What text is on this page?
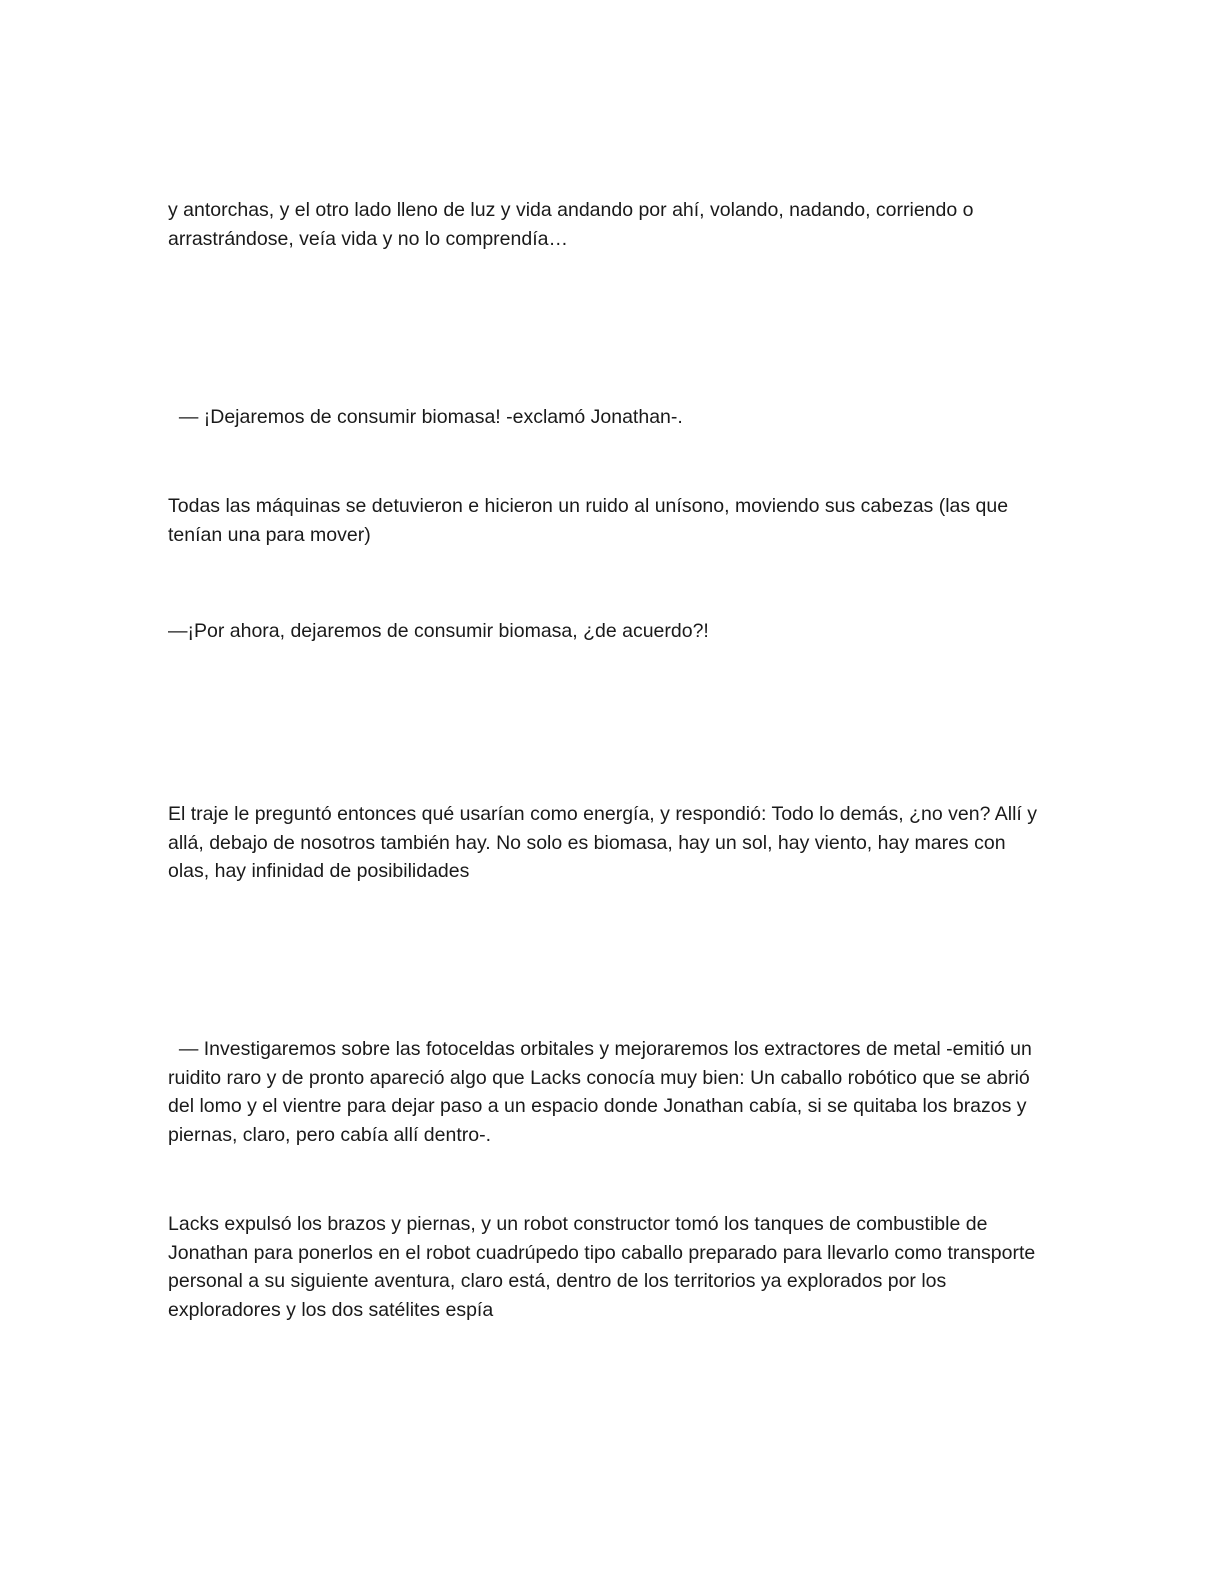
y antorchas, y el otro lado lleno de luz y vida andando por ahí, volando, nadando, corriendo o arrastrándose, veía vida y no lo comprendía…

— ¡Dejaremos de consumir biomasa! -exclamó Jonathan-.

Todas las máquinas se detuvieron e hicieron un ruido al unísono, moviendo sus cabezas (las que tenían una para mover)

—¡Por ahora, dejaremos de consumir biomasa, ¿de acuerdo?!

El traje le preguntó entonces qué usarían como energía, y respondió: Todo lo demás, ¿no ven? Allí y allá, debajo de nosotros también hay. No solo es biomasa, hay un sol, hay viento, hay mares con olas, hay infinidad de posibilidades

— Investigaremos sobre las fotoceldas orbitales y mejoraremos los extractores de metal -emitió un ruidito raro y de pronto apareció algo que Lacks conocía muy bien: Un caballo robótico que se abrió del lomo y el vientre para dejar paso a un espacio donde Jonathan cabía, si se quitaba los brazos y piernas, claro, pero cabía allí dentro-.

Lacks expulsó los brazos y piernas, y un robot constructor tomó los tanques de combustible de Jonathan para ponerlos en el robot cuadrúpedo tipo caballo preparado para llevarlo como transporte personal a su siguiente aventura, claro está, dentro de los territorios ya explorados por los exploradores y los dos satélites espía
